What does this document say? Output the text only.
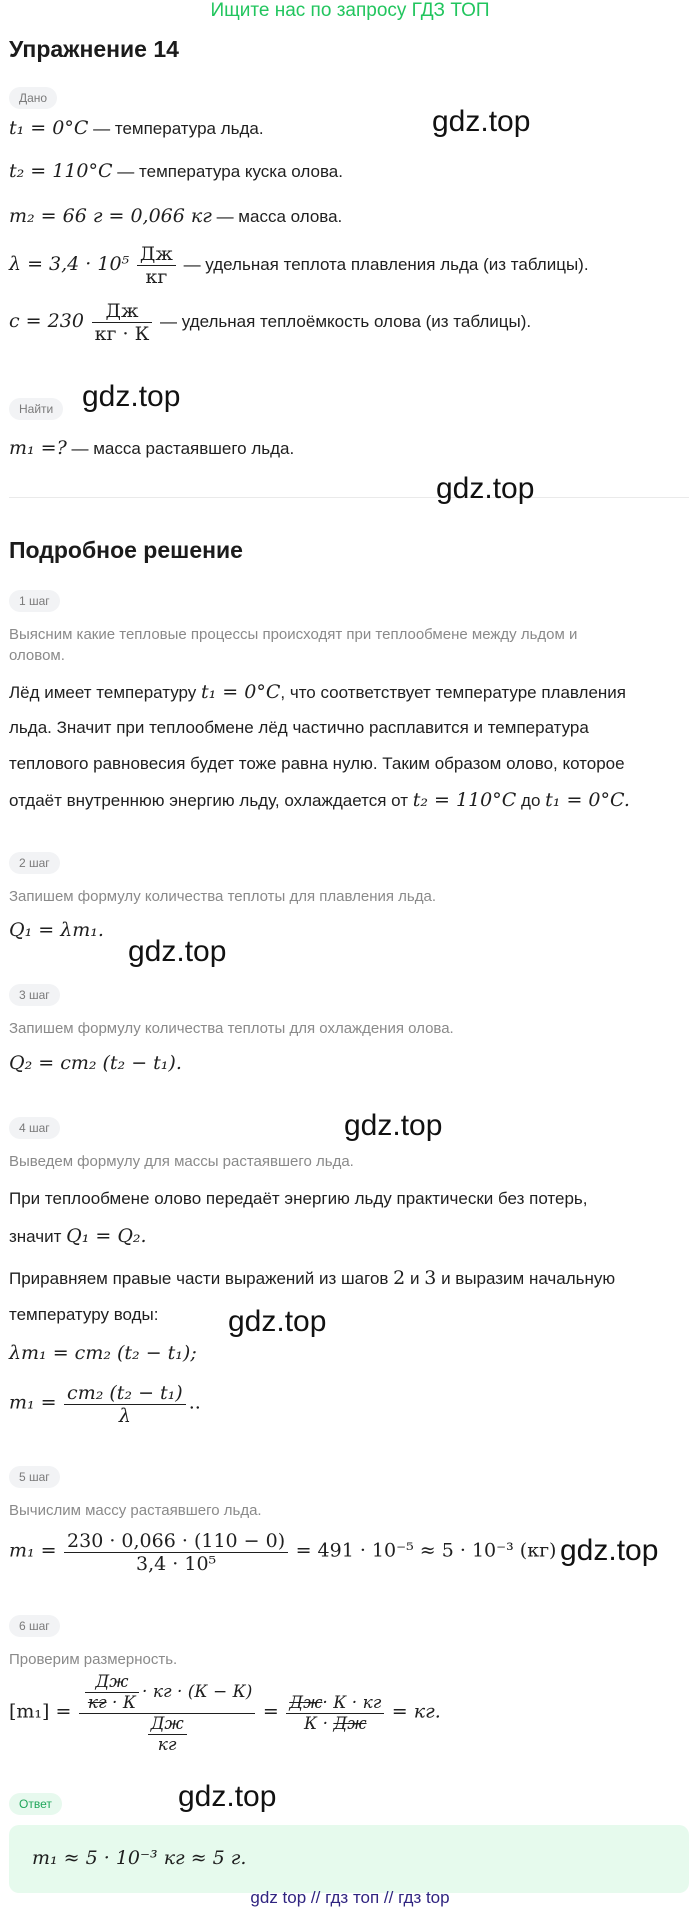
Ищите нас по запросу ГДЗ ТОП
Упражнение 14
Дано
t₁ = 0°C — температура льда.
t₂ = 110°C — температура куска олова.
m₂ = 66 г = 0,066 кг — масса олова.
$\lambda = 3,4 \cdot 10^5 \frac{Дж}{кг}$ — удельная теплота плавления льда (из таблицы).
$c = 230 \frac{Дж}{кг \cdot К}$ — удельная теплоёмкость олова (из таблицы).
Найти
m₁ =? — масса растаявшего льда.
Подробное решение
1 шаг
Выясним какие тепловые процессы происходят при теплообмене между льдом и
оловом.
Лёд имеет температуру t₁ = 0°C, что соответствует температуре плавления
льда. Значит при теплообмене лёд частично расплавится и температура
теплового равновесия будет тоже равна нулю. Таким образом олово, которое
отдаёт внутреннюю энергию льду, охлаждается от t₂ = 110°C до t₁ = 0°C.
2 шаг
Запишем формулу количества теплоты для плавления льда.
Q₁ = λm₁.
3 шаг
Запишем формулу количества теплоты для охлаждения олова.
Q₂ = cm₂ (t₂ − t₁).
4 шаг
Выведем формулу для массы растаявшего льда.
При теплообмене олово передаёт энергию льду практически без потерь,
значит Q₁ = Q₂.
Приравняем правые части выражений из шагов 2 и 3 и выразим начальную
температуру воды:
λm₁ = cm₂ (t₂ − t₁);
$m_1 = \frac{\text{cm₂ (t₂ − t₁)}}{\lambda}$ ..
5 шаг
Вычислим массу растаявшего льда.
$m_1 = \frac{230 \cdot 0,066 \cdot (110 - 0)}{\text{3,4 · 10⁵}} = 491 \cdot 10^{-5} \approx 5 \cdot 10^{-3}$ (кг)
6 шаг
Проверим размерность.
$[m_1] = \frac{\frac{Дж}{кг \cdot К} \cdot кг \cdot (К - К)}{\frac{Дж}{кг}} = \frac{Дж\cdot К \cdot кг}{К \cdot Дж}$ = кг.
Ответ
m₁ ≈ 5 · 10⁻³ кг ≈ 5 г.
gdz.top
gdz.top
gdz.top
gdz.top
gdz.top
gdz.top
gdz.top
gdz.top
gdz top // гдз топ // гдз top
